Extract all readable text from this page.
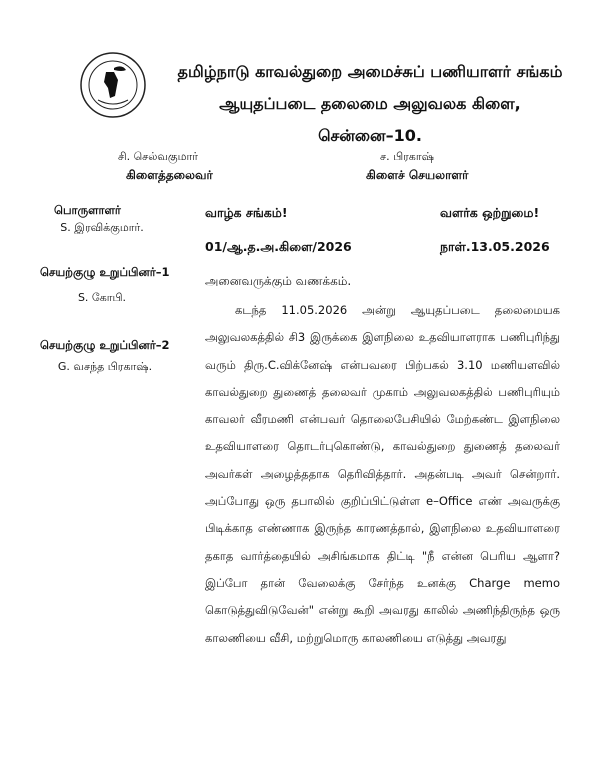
தமிழ்நாடு காவல்துறை அமைச்சுப் பணியாளர் சங்கம்
ஆயுதப்படை தலைமை அலுவலக கிளை,
சென்னை–10.
சி. செல்வகுமார்
கிளைத்தலைவர்
ச. பிரகாஷ்
கிளைச் செயலாளர்
பொருளாளர்
S. இரவிக்குமார்.
செயற்குழு உறுப்பினர்–1
S. கோபி.
செயற்குழு உறுப்பினர்–2
G. வசந்த பிரகாஷ்.
வாழ்க சங்கம்!	வளர்க ஒற்றுமை!
01/ஆ.த.அ.கிளை/2026	நாள்.13.05.2026
அனைவருக்கும் வணக்கம்.

கடந்த 11.05.2026 அன்று ஆயுதப்படை தலைமையக அலுவலகத்தில் சி3 இருக்கை இளநிலை உதவியாளராக பணிபுரிந்து வரும் திரு.C.விக்னேஷ் என்பவரை பிற்பகல் 3.10 மணியளவில் காவல்துறை துணைத் தலைவர் முகாம் அலுவலகத்தில் பணிபுரியும் காவலர் வீரமணி என்பவர் தொலைபேசியில் மேற்கண்ட இளநிலை உதவியாளரை தொடர்புகொண்டு, காவல்துறை துணைத் தலைவர் அவர்கள் அழைத்ததாக தெரிவித்தார். அதன்படி அவர் சென்றார். அப்போது ஒரு தபாலில் குறிப்பிட்டுள்ள e–Office எண் அவருக்கு பிடிக்காத எண்ணாக இருந்த காரணத்தால், இளநிலை உதவியாளரை தகாத வார்த்தையில் அசிங்கமாக திட்டி "நீ என்ன பெரிய ஆளா? இப்போ தான் வேலைக்கு சேர்ந்த உனக்கு Charge memo கொடுத்துவிடுவேன்" என்று கூறி அவரது காலில் அணிந்திருந்த ஒரு காலணியை வீசி, மற்றுமொரு காலணியை எடுத்து அவரது
